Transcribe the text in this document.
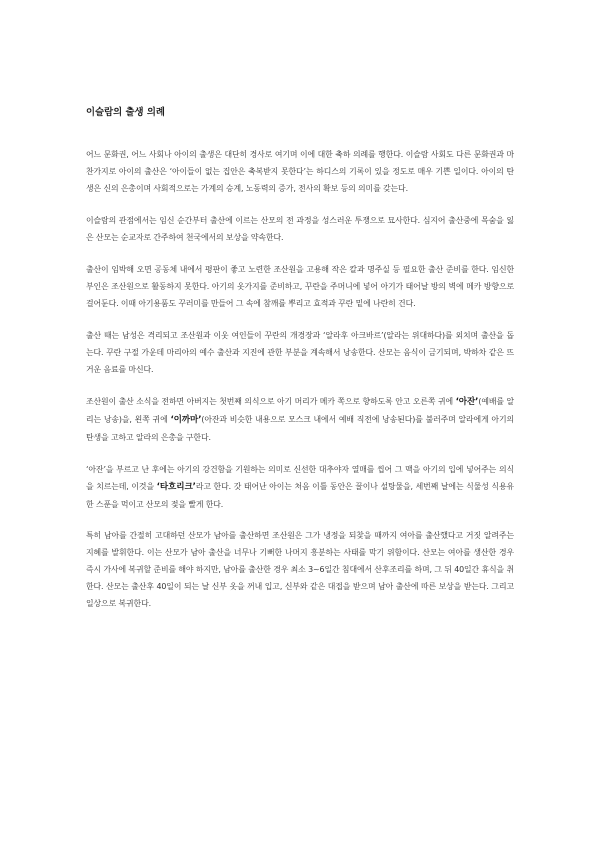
이슬람의 출생 의례

어느 문화권, 어느 사회나 아이의 출생은 대단히 경사로 여기며 이에 대한 축하 의례를 행한다. 이슬람 사회도 다른 문화권과 마찬가지로 아이의 출산은 ‘아이들이 없는 집안은 축복받지 못한다’는 하디스의 기록이 있을 정도로 매우 기쁜 일이다. 아이의 탄생은 신의 은총이며 사회적으로는 가계의 승계, 노동력의 증가, 전사의 확보 등의 의미를 갖는다.

이슬람의 관점에서는 임신 순간부터 출산에 이르는 산모의 전 과정을 성스러운 투쟁으로 묘사한다. 심지어 출산중에 목숨을 잃은 산모는 순교자로 간주하여 천국에서의 보상을 약속한다.

출산이 임박해 오면 공동체 내에서 평판이 좋고 노련한 조산원을 고용해 작은 칼과 명주실 등 필요한 출산 준비를 한다. 임신한 부인은 조산원으로 활동하지 못한다. 아기의 옷가지를 준비하고, 꾸란을 주머니에 넣어 아기가 태어날 방의 벽에 메카 방향으로 걸어둔다. 이때 아기용품도 꾸러미를 만들어 그 속에 참깨를 뿌리고 효적과 꾸란 밑에 나란히 건다.

출산 때는 남성은 격리되고 조산원과 이웃 여인들이 꾸란의 개경장과 ‘알라후 아크바르’(알라는 위대하다)를 외치며 출산을 돕는다. 꾸란 구절 가운데 마리아의 예수 출산과 지진에 관한 부분을 계속해서 낭송한다. 산모는 음식이 금기되며, 박하차 같은 뜨거운 음료를 마신다.

조산원이 출산 소식을 전하면 아버지는 첫번째 의식으로 아기 머리가 메카 쪽으로 향하도록 안고 오른쪽 귀에 ‘아잔’(예배를 알리는 낭송)을, 왼쪽 귀에 ‘이까마’(아잔과 비슷한 내용으로 모스크 내에서 예배 직전에 낭송된다)를 불러주며 알라에게 아기의 탄생을 고하고 알라의 은총을 구한다.

‘아잔’을 부르고 난 후에는 아기의 강건함을 기원하는 의미로 신선한 대추야자 열매를 씹어 그 맥을 아기의 입에 넣어주는 의식을 치르는데, 이것을 ‘타흐리크’라고 한다. 갓 태어난 아이는 처음 이틀 동안은 꿀이나 설탕물을, 세번째 날에는 식물성 식용유 한 스푼을 먹이고 산모의 젖을 빨게 한다.

특히 남아를 간절히 고대하던 산모가 남아를 출산하면 조산원은 그가 냉정을 되찾을 때까지 여아를 출산했다고 거짓 알려주는 지혜를 발휘한다. 이는 산모가 남아 출산을 너무나 기뻐한 나머지 흥분하는 사태를 막기 위함이다. 산모는 여아를 생산한 경우 즉시 가사에 복귀할 준비를 해야 하지만, 남아를 출산한 경우 최소 3~6일간 침대에서 산후조리를 하며, 그 뒤 40일간 휴식을 취한다. 산모는 출산후 40일이 되는 날 신부 옷을 꺼내 입고, 신부와 같은 대접을 받으며 남아 출산에 따른 보상을 받는다. 그리고 일상으로 복귀한다.
